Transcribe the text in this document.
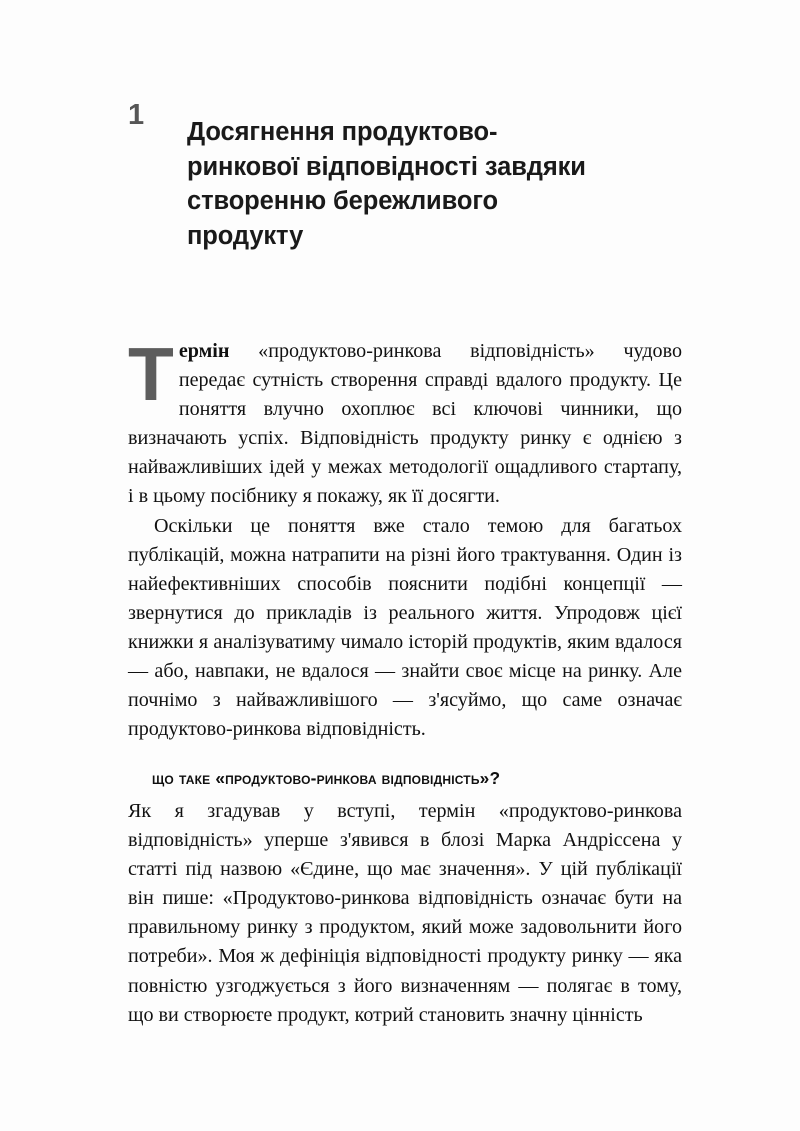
1
Досягнення продуктово-ринкової відповідності завдяки створенню бережливого продукту

Термін «продуктово-ринкова відповідність» чудово передає сутність створення справді вдалого продукту. Це поняття влучно охоплює всі ключові чинники, що визначають успіх. Відповідність продукту ринку є однією з найважливіших ідей у межах методології ощадливого стартапу, і в цьому посібнику я покажу, як її досягти.

Оскільки це поняття вже стало темою для багатьох публікацій, можна натрапити на різні його трактування. Один із найефективніших способів пояснити подібні концепції — звернутися до прикладів із реального життя. Упродовж цієї книжки я аналізуватиму чимало історій продуктів, яким вдалося — або, навпаки, не вдалося — знайти своє місце на ринку. Але почнімо з найважливішого — з'ясуймо, що саме означає продуктово-ринкова відповідність.

що таке «продуктово-ринкова відповідність»?

Як я згадував у вступі, термін «продуктово-ринкова відповідність» уперше з'явився в блозі Марка Андріссена у статті під назвою «Єдине, що має значення». У цій публікації він пише: «Продуктово-ринкова відповідність означає бути на правильному ринку з продуктом, який може задовольнити його потреби». Моя ж дефініція відповідності продукту ринку — яка повністю узгоджується з його визначенням — полягає в тому, що ви створюєте продукт, котрий становить значну цінність
